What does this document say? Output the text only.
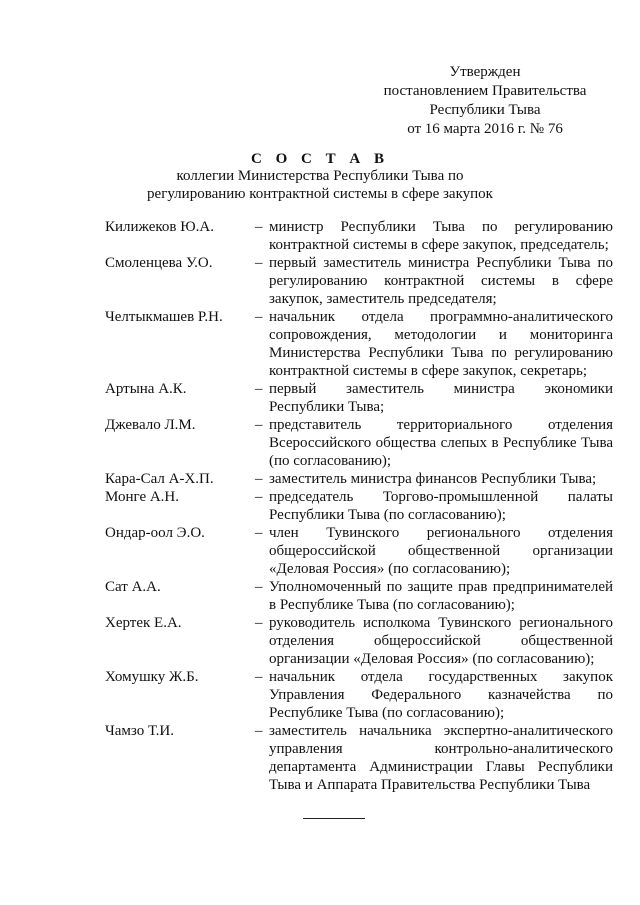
Утвержден
постановлением Правительства
Республики Тыва
от 16 марта 2016 г. № 76
С О С Т А В
коллегии Министерства Республики Тыва по
регулированию контрактной системы в сфере закупок
Килижеков Ю.А.	– министр Республики Тыва по регулированию контрактной системы в сфере закупок, председатель;
Смоленцева У.О.	– первый заместитель министра Республики Тыва по регулированию контрактной системы в сфере закупок, заместитель председателя;
Челтыкмашев Р.Н.	– начальник отдела программно-аналитического сопровождения, методологии и мониторинга Министерства Республики Тыва по регулированию контрактной системы в сфере закупок, секретарь;
Артына А.К.	– первый заместитель министра экономики Республики Тыва;
Джевало Л.М.	– представитель территориального отделения Всероссийского общества слепых в Республике Тыва (по согласованию);
Кара-Сал А-Х.П.	– заместитель министра финансов Республики Тыва;
Монге А.Н.	– председатель Торгово-промышленной палаты Республики Тыва (по согласованию);
Ондар-оол Э.О.	– член Тувинского регионального отделения общероссийской общественной организации «Деловая Россия» (по согласованию);
Сат А.А.	– Уполномоченный по защите прав предпринимателей в Республике Тыва (по согласованию);
Хертек Е.А.	– руководитель исполкома Тувинского регионального отделения общероссийской общественной организации «Деловая Россия» (по согласованию);
Хомушку Ж.Б.	– начальник отдела государственных закупок Управления Федерального казначейства по Республике Тыва (по согласованию);
Чамзо Т.И.	– заместитель начальника экспертно-аналитического управления контрольно-аналитического департамента Администрации Главы Республики Тыва и Аппарата Правительства Республики Тыва
